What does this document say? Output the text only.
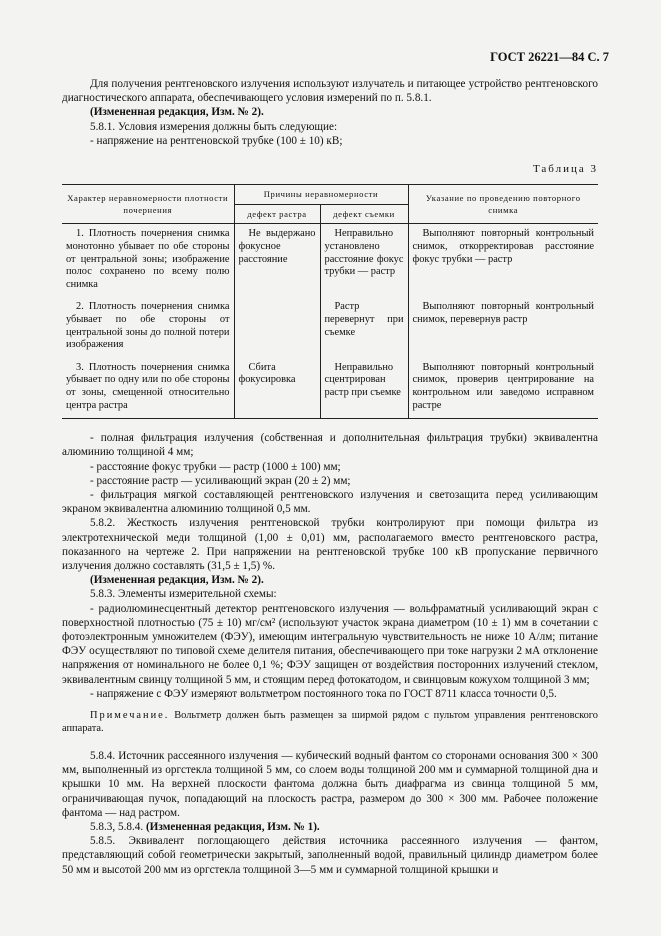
ГОСТ 26221—84 С. 7

Для получения рентгеновского излучения используют излучатель и питающее устройство рентгеновского диагностического аппарата, обеспечивающего условия измерений по п. 5.8.1.

(Измененная редакция, Изм. № 2).

5.8.1. Условия измерения должны быть следующие:

- напряжение на рентгеновской трубке (100 ± 10) кВ;

Таблица 3
Характер неравномерности плотности почернения	Причины неравномерности		Указание по проведению повторного снимка
	дефект растра	дефект съемки	
1. Плотность почернения снимка монотонно убывает по обе стороны от центральной зоны; изображение полос сохранено по всему полю снимка	Не выдержано фокусное расстояние	Неправильно установлено расстояние фокус трубки — растр	Выполняют повторный контрольный снимок, откорректировав расстояние фокус трубки — растр
2. Плотность почернения снимка убывает по обе стороны от центральной зоны до полной потери изображения		Растр перевернут при съемке	Выполняют повторный контрольный снимок, перевернув растр
3. Плотность почернения снимка убывает по одну или по обе стороны от зоны, смещенной относительно центра растра	Сбита фокусировка	Неправильно сцентрирован растр при съемке	Выполняют повторный контрольный снимок, проверив центрирование на контрольном или заведомо исправном растре

- полная фильтрация излучения (собственная и дополнительная фильтрация трубки) эквивалентна алюминию толщиной 4 мм;

- расстояние фокус трубки — растр (1000 ± 100) мм;

- расстояние растр — усиливающий экран (20 ± 2) мм;

- фильтрация мягкой составляющей рентгеновского излучения и светозащита перед усиливающим экраном эквивалентна алюминию толщиной 0,5 мм.

5.8.2. Жесткость излучения рентгеновской трубки контролируют при помощи фильтра из электротехнической меди толщиной (1,00 ± 0,01) мм, располагаемого вместо рентгеновского растра, показанного на чертеже 2. При напряжении на рентгеновской трубке 100 кВ пропускание первичного излучения должно составлять (31,5 ± 1,5) %.

(Измененная редакция, Изм. № 2).

5.8.3. Элементы измерительной схемы:

- радиолюминесцентный детектор рентгеновского излучения — вольфраматный усиливающий экран с поверхностной плотностью (75 ± 10) мг/см² (используют участок экрана диаметром (10 ± 1) мм в сочетании с фотоэлектронным умножителем (ФЭУ), имеющим интегральную чувствительность не ниже 10 А/лм; питание ФЭУ осуществляют по типовой схеме делителя питания, обеспечивающего при токе нагрузки 2 мА отклонение напряжения от номинального не более 0,1 %; ФЭУ защищен от воздействия посторонних излучений стеклом, эквивалентным свинцу толщиной 5 мм, и стоящим перед фотокатодом, и свинцовым кожухом толщиной 3 мм;

- напряжение с ФЭУ измеряют вольтметром постоянного тока по ГОСТ 8711 класса точности 0,5.

Примечание. Вольтметр должен быть размещен за ширмой рядом с пультом управления рентгеновского аппарата.

5.8.4. Источник рассеянного излучения — кубический водный фантом со сторонами основания 300 × 300 мм, выполненный из оргстекла толщиной 5 мм, со слоем воды толщиной 200 мм и суммарной толщиной дна и крышки 10 мм. На верхней плоскости фантома должна быть диафрагма из свинца толщиной 5 мм, ограничивающая пучок, попадающий на плоскость растра, размером до 300 × 300 мм. Рабочее положение фантома — над растром.

5.8.3, 5.8.4. (Измененная редакция, Изм. № 1).

5.8.5. Эквивалент поглощающего действия источника рассеянного излучения — фантом, представляющий собой геометрически закрытый, заполненный водой, правильный цилиндр диаметром более 50 мм и высотой 200 мм из оргстекла толщиной 3—5 мм и суммарной толщиной крышки и
